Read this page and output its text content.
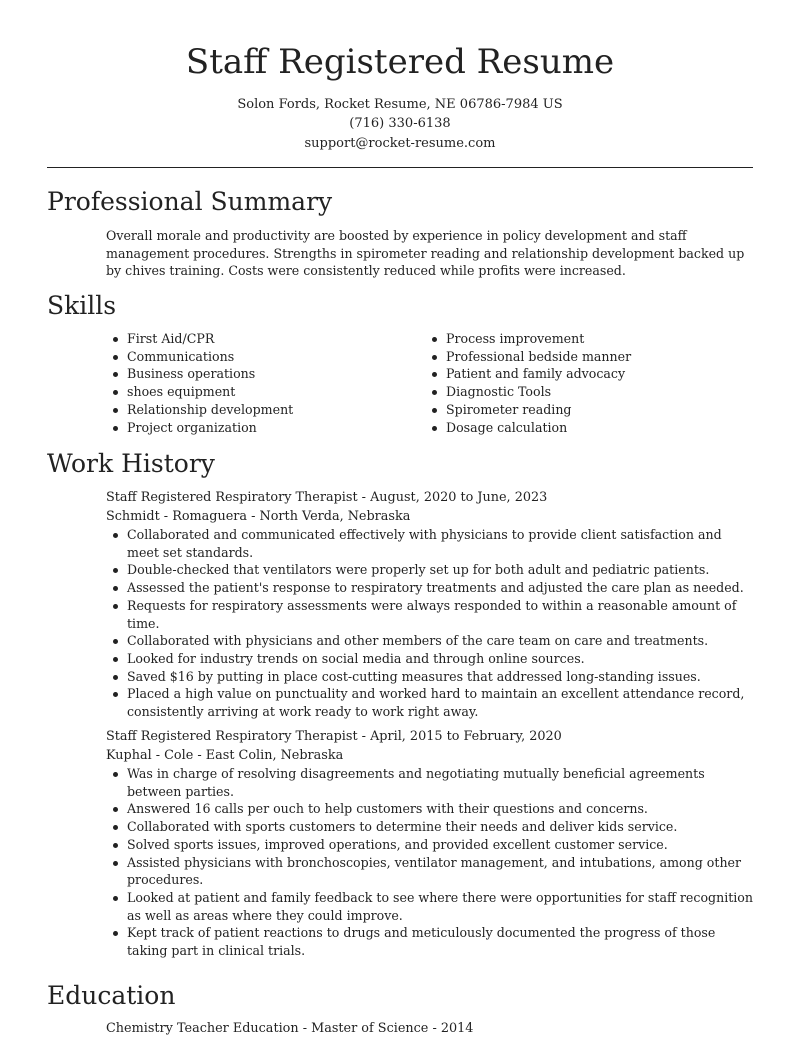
Staff Registered Resume
Solon Fords, Rocket Resume, NE 06786-7984 US
(716) 330-6138
support@rocket-resume.com
Professional Summary
Overall morale and productivity are boosted by experience in policy development and staff management procedures. Strengths in spirometer reading and relationship development backed up by chives training. Costs were consistently reduced while profits were increased.
Skills
First Aid/CPR
Communications
Business operations
shoes equipment
Relationship development
Project organization
Process improvement
Professional bedside manner
Patient and family advocacy
Diagnostic Tools
Spirometer reading
Dosage calculation
Work History
Staff Registered Respiratory Therapist - August, 2020 to June, 2023
Schmidt - Romaguera - North Verda, Nebraska
Collaborated and communicated effectively with physicians to provide client satisfaction and meet set standards.
Double-checked that ventilators were properly set up for both adult and pediatric patients.
Assessed the patient's response to respiratory treatments and adjusted the care plan as needed.
Requests for respiratory assessments were always responded to within a reasonable amount of time.
Collaborated with physicians and other members of the care team on care and treatments.
Looked for industry trends on social media and through online sources.
Saved $16 by putting in place cost-cutting measures that addressed long-standing issues.
Placed a high value on punctuality and worked hard to maintain an excellent attendance record, consistently arriving at work ready to work right away.
Staff Registered Respiratory Therapist - April, 2015 to February, 2020
Kuphal - Cole - East Colin, Nebraska
Was in charge of resolving disagreements and negotiating mutually beneficial agreements between parties.
Answered 16 calls per ouch to help customers with their questions and concerns.
Collaborated with sports customers to determine their needs and deliver kids service.
Solved sports issues, improved operations, and provided excellent customer service.
Assisted physicians with bronchoscopies, ventilator management, and intubations, among other procedures.
Looked at patient and family feedback to see where there were opportunities for staff recognition as well as areas where they could improve.
Kept track of patient reactions to drugs and meticulously documented the progress of those taking part in clinical trials.
Education
Chemistry Teacher Education - Master of Science - 2014
